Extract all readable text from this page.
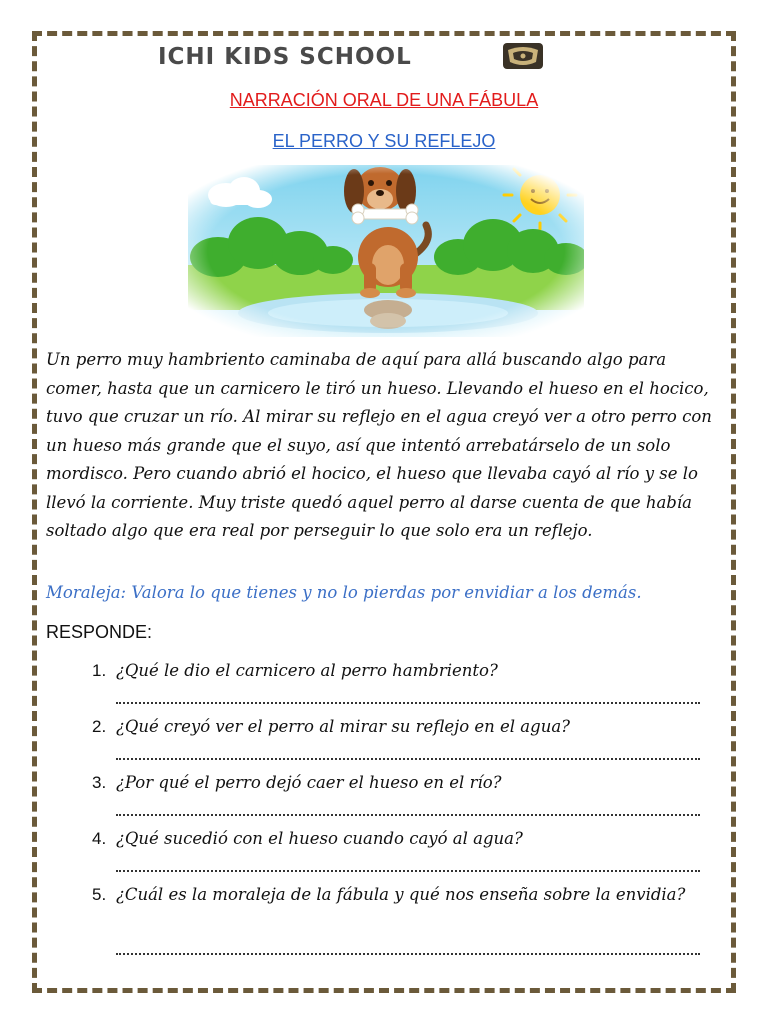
ICHI KIDS SCHOOL
NARRACIÓN ORAL DE UNA FÁBULA
EL PERRO Y SU REFLEJO
Un perro muy hambriento caminaba de aquí para allá buscando algo para comer, hasta que un carnicero le tiró un hueso. Llevando el hueso en el hocico, tuvo que cruzar un río. Al mirar su reflejo en el agua creyó ver a otro perro con un hueso más grande que el suyo, así que intentó arrebatárselo de un solo mordisco. Pero cuando abrió el hocico, el hueso que llevaba cayó al río y se lo llevó la corriente. Muy triste quedó aquel perro al darse cuenta de que había soltado algo que era real por perseguir lo que solo era un reflejo.
Moraleja: Valora lo que tienes y no lo pierdas por envidiar a los demás.
RESPONDE:
1. ¿Qué le dio el carnicero al perro hambriento?
2. ¿Qué creyó ver el perro al mirar su reflejo en el agua?
3. ¿Por qué el perro dejó caer el hueso en el río?
4. ¿Qué sucedió con el hueso cuando cayó al agua?
5. ¿Cuál es la moraleja de la fábula y qué nos enseña sobre la envidia?
